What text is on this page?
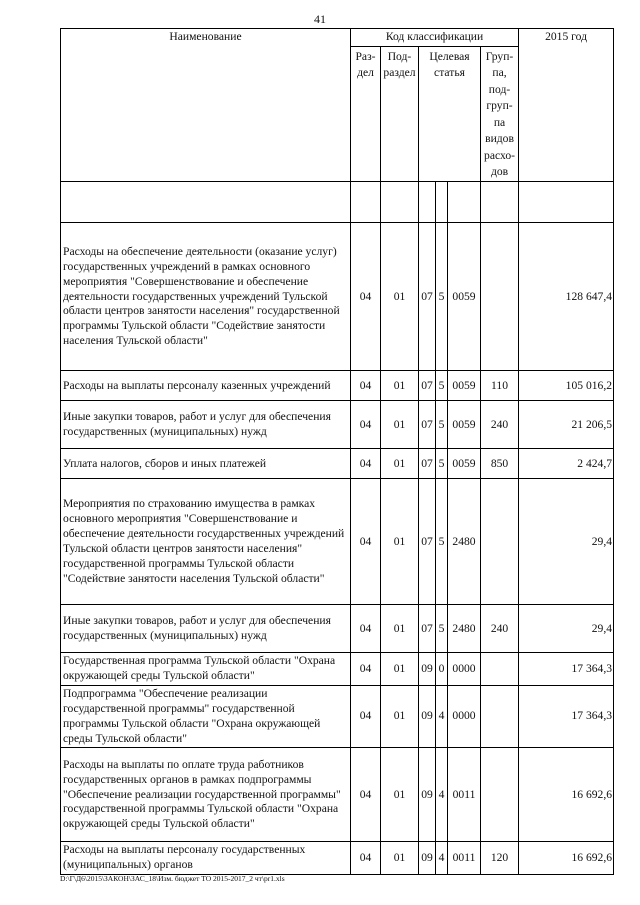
41
Наименование	Код классификации						2015 год
	Раз- дел	Под- раздел	Целевая статья			Груп- па, под- груп- па видов расхо- дов	

Расходы на обеспечение деятельности (оказание услуг) государственных учреждений в рамках основного мероприятия "Совершенствование и обеспечение деятельности государственных учреждений Тульской области центров занятости населения" государственной программы Тульской области "Содействие занятости населения Тульской области"	04	01	07	5	0059		128 647,4
Расходы на выплаты персоналу казенных учреждений	04	01	07	5	0059	110	105 016,2
Иные закупки товаров, работ и услуг для обеспечения государственных (муниципальных) нужд	04	01	07	5	0059	240	21 206,5
Уплата налогов, сборов и иных платежей	04	01	07	5	0059	850	2 424,7
Мероприятия по страхованию имущества в рамках основного мероприятия "Совершенствование и обеспечение деятельности государственных учреждений Тульской области центров занятости населения" государственной программы Тульской области "Содействие занятости населения Тульской области"	04	01	07	5	2480		29,4
Иные закупки товаров, работ и услуг для обеспечения государственных (муниципальных) нужд	04	01	07	5	2480	240	29,4
Государственная программа Тульской области "Охрана окружающей среды Тульской области"	04	01	09	0	0000		17 364,3
Подпрограмма "Обеспечение реализации государственной программы" государственной программы Тульской области "Охрана окружающей среды Тульской области"	04	01	09	4	0000		17 364,3
Расходы на выплаты по оплате труда работников государственных органов в рамках подпрограммы "Обеспечение реализации государственной программы" государственной программы Тульской области "Охрана окружающей среды Тульской области"	04	01	09	4	0011		16 692,6
Расходы на выплаты персоналу государственных (муниципальных) органов	04	01	09	4	0011	120	16 692,6
D:\Г\Д6\2015\ЗАКОН\ЗАС_18\Изм. бюджет ТО 2015-2017_2 чт\pr1.xls
